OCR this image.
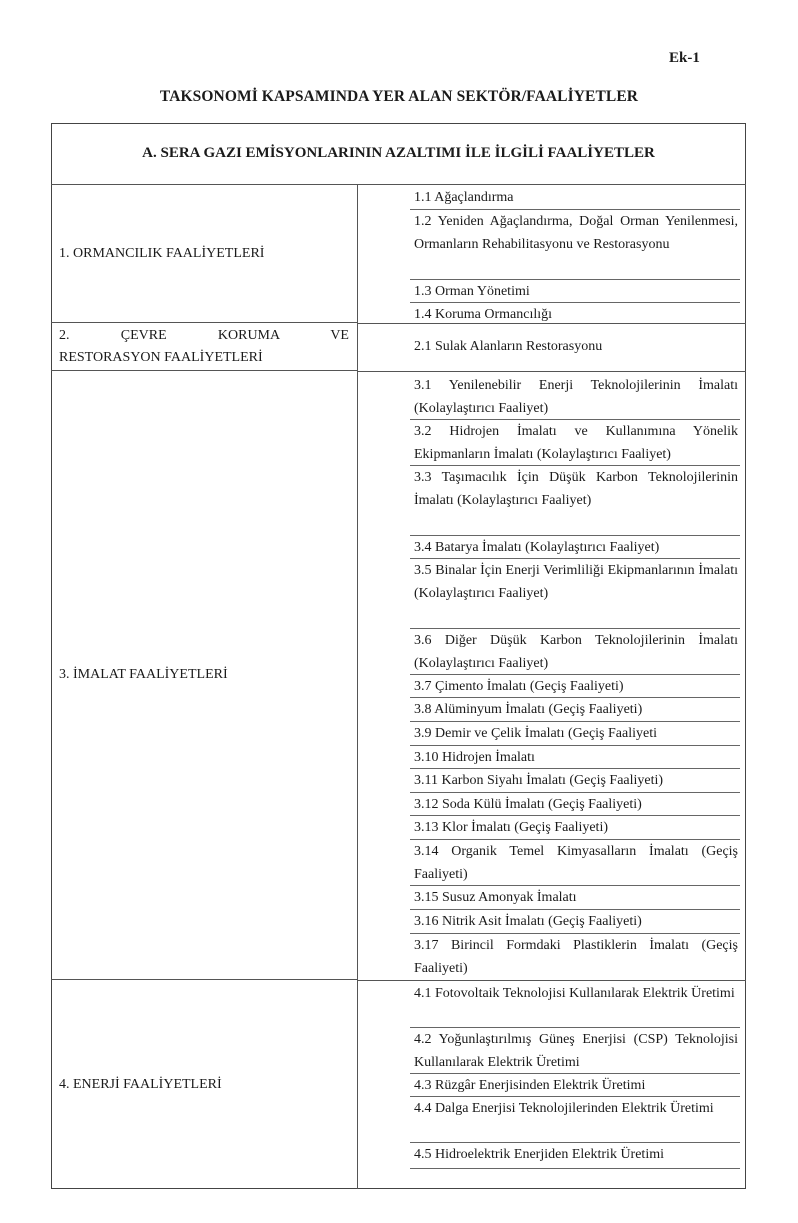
Ek-1
TAKSONOMİ KAPSAMINDA YER ALAN SEKTÖR/FAALİYETLER
A. SERA GAZI EMİSYONLARININ AZALTIMI İLE İLGİLİ FAALİYETLER
1. ORMANCILIK FAALİYETLERİ
1.1 Ağaçlandırma
1.2 Yeniden Ağaçlandırma, Doğal Orman Yenilenmesi, Ormanların Rehabilitasyonu ve Restorasyonu
1.3 Orman Yönetimi
1.4 Koruma Ormancılığı
2. ÇEVRE KORUMA VE
RESTORASYON FAALİYETLERİ
2.1 Sulak Alanların Restorasyonu
3. İMALAT FAALİYETLERİ
3.1 Yenilenebilir Enerji Teknolojilerinin İmalatı (Kolaylaştırıcı Faaliyet)
3.2 Hidrojen İmalatı ve Kullanımına Yönelik Ekipmanların İmalatı (Kolaylaştırıcı Faaliyet)
3.3 Taşımacılık İçin Düşük Karbon Teknolojilerinin İmalatı (Kolaylaştırıcı Faaliyet)
3.4 Batarya İmalatı (Kolaylaştırıcı Faaliyet)
3.5 Binalar İçin Enerji Verimliliği Ekipmanlarının İmalatı (Kolaylaştırıcı Faaliyet)
3.6 Diğer Düşük Karbon Teknolojilerinin İmalatı (Kolaylaştırıcı Faaliyet)
3.7 Çimento İmalatı (Geçiş Faaliyeti)
3.8 Alüminyum İmalatı (Geçiş Faaliyeti)
3.9 Demir ve Çelik İmalatı (Geçiş Faaliyeti
3.10 Hidrojen İmalatı
3.11 Karbon Siyahı İmalatı (Geçiş Faaliyeti)
3.12 Soda Külü İmalatı (Geçiş Faaliyeti)
3.13 Klor İmalatı (Geçiş Faaliyeti)
3.14 Organik Temel Kimyasalların İmalatı (Geçiş Faaliyeti)
3.15 Susuz Amonyak İmalatı
3.16 Nitrik Asit İmalatı (Geçiş Faaliyeti)
3.17 Birincil Formdaki Plastiklerin İmalatı (Geçiş Faaliyeti)
4. ENERJİ FAALİYETLERİ
4.1 Fotovoltaik Teknolojisi Kullanılarak Elektrik Üretimi
4.2 Yoğunlaştırılmış Güneş Enerjisi (CSP) Teknolojisi Kullanılarak Elektrik Üretimi
4.3 Rüzgâr Enerjisinden Elektrik Üretimi
4.4 Dalga Enerjisi Teknolojilerinden Elektrik Üretimi
4.5 Hidroelektrik Enerjiden Elektrik Üretimi
